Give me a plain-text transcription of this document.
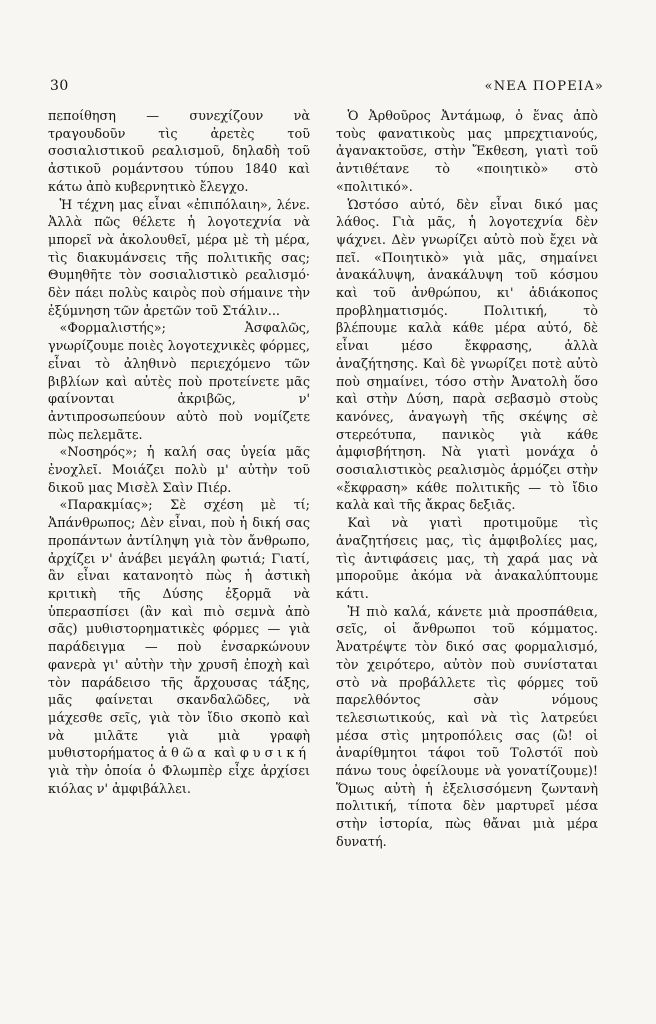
30	«ΝΕΑ ΠΟΡΕΙΑ»

πεποίθηση — συνεχίζουν νὰ τραγουδοῦν τὶς ἀρετὲς τοῦ σοσιαλιστικοῦ ρεαλισμοῦ, δηλαδὴ τοῦ ἀστικοῦ ρομάντσου τύπου 1840 καὶ κάτω ἀπὸ κυβερνητικὸ ἔλεγχο.

Ἡ τέχνη μας εἶναι «ἐπιπόλαιη», λένε. Ἀλλὰ πῶς θέλετε ἡ λογοτεχνία νὰ μπορεῖ νὰ ἀκολουθεῖ, μέρα μὲ τὴ μέρα, τὶς διακυμάνσεις τῆς πολιτικῆς σας; Θυμηθῆτε τὸν σοσιαλιστικὸ ρεαλισμό· δὲν πάει πολὺς καιρὸς ποὺ σήμαινε τὴν ἐξύμνηση τῶν ἀρετῶν τοῦ Στάλιν...

«Φορμαλιστής»; Ἀσφαλῶς, γνωρίζουμε ποιὲς λογοτεχνικὲς φόρμες, εἶναι τὸ ἀληθινὸ περιεχόμενο τῶν βιβλίων καὶ αὐτὲς ποὺ προτείνετε μᾶς φαίνονται ἀκριβῶς, ν' ἀντιπροσωπεύουν αὐτὸ ποὺ νομίζετε πὼς πελεμᾶτε.

«Νοσηρός»; ἡ καλή σας ὑγεία μᾶς ἐνοχλεῖ. Μοιάζει πολὺ μ' αὐτὴν τοῦ δικοῦ μας Μισὲλ Σαὶν Πιέρ.

«Παρακμίας»; Σὲ σχέση μὲ τί; Ἀπάνθρωπος; Δὲν εἶναι, ποὺ ἡ δική σας προπάντων ἀντίληψη γιὰ τὸν ἄνθρωπο, ἀρχίζει ν' ἀνάβει μεγάλη φωτιά; Γιατί, ἂν εἶναι κατανοητὸ πὼς ἡ ἀστικὴ κριτικὴ τῆς Δύσης ἐξορμᾶ νὰ ὑπερασπίσει (ἂν καὶ πιὸ σεμνὰ ἀπὸ σᾶς) μυθιστορηματικὲς φόρμες — γιὰ παράδειγμα — ποὺ ἐνσαρκώνουν φανερὰ γι' αὐτὴν τὴν χρυσῆ ἐποχὴ καὶ τὸν παράδεισο τῆς ἄρχουσας τάξης, μᾶς φαίνεται σκανδαλῶδες, νὰ μάχεσθε σεῖς, γιὰ τὸν ἴδιο σκοπὸ καὶ νὰ μιλᾶτε γιὰ μιὰ γραφὴ μυθιστορήματος ἀθῶα καὶ φυσική γιὰ τὴν ὁποία ὁ Φλωμπὲρ εἶχε ἀρχίσει κιόλας ν' ἀμφιβάλλει.

Ὁ Ἀρθοῦρος Ἀντάμωφ, ὁ ἕνας ἀπὸ τοὺς φανατικοὺς μας μπρεχτιανούς, ἀγανακτοῦσε, στὴν Ἔκθεση, γιατὶ τοῦ ἀντιθέτανε τὸ «ποιητικὸ» στὸ «πολιτικό».

Ὡστόσο αὐτό, δὲν εἶναι δικό μας λάθος. Γιὰ μᾶς, ἡ λογοτεχνία δὲν ψάχνει. Δὲν γνωρίζει αὐτὸ ποὺ ἔχει νὰ πεῖ. «Ποιητικὸ» γιὰ μᾶς, σημαίνει ἀνακάλυψη, ἀνακάλυψη τοῦ κόσμου καὶ τοῦ ἀνθρώπου, κι' ἀδιάκοπος προβληματισμός. Πολιτική, τὸ βλέπουμε καλὰ κάθε μέρα αὐτό, δὲ εἶναι μέσο ἔκφρασης, ἀλλὰ ἀναζήτησης. Καὶ δὲ γνωρίζει ποτὲ αὐτὸ ποὺ σημαίνει, τόσο στὴν Ἀνατολὴ ὅσο καὶ στὴν Δύση, παρὰ σεβασμὸ στοὺς κανόνες, ἀναγωγὴ τῆς σκέψης σὲ στερεότυπα, πανικὸς γιὰ κάθε ἀμφισβήτηση. Νὰ γιατὶ μονάχα ὁ σοσιαλιστικὸς ρεαλισμὸς ἁρμόζει στὴν «ἔκφραση» κάθε πολιτικῆς — τὸ ἴδιο καλὰ καὶ τῆς ἄκρας δεξιᾶς.

Καὶ νὰ γιατὶ προτιμοῦμε τὶς ἀναζητήσεις μας, τὶς ἀμφιβολίες μας, τὶς ἀντιφάσεις μας, τὴ χαρά μας νὰ μποροῦμε ἀκόμα νὰ ἀνακαλύπτουμε κάτι.

Ἡ πιὸ καλά, κάνετε μιὰ προσπάθεια, σεῖς, οἱ ἄνθρωποι τοῦ κόμματος. Ἀνατρέψτε τὸν δικό σας φορμαλισμό, τὸν χειρότερο, αὐτὸν ποὺ συνίσταται στὸ νὰ προβάλλετε τὶς φόρμες τοῦ παρελθόντος σὰν νόμους τελεσιωτικούς, καὶ νὰ τὶς λατρεύει μέσα στὶς μητροπόλεις σας (ὢ! οἱ ἀναρίθμητοι τάφοι τοῦ Τολστόϊ ποὺ πάνω τους ὀφείλουμε νὰ γονατίζουμε)! Ὅμως αὐτὴ ἡ ἐξελισσόμενη ζωντανὴ πολιτική, τίποτα δὲν μαρτυρεῖ μέσα στὴν ἱστορία, πὼς θἄναι μιὰ μέρα δυνατή.
